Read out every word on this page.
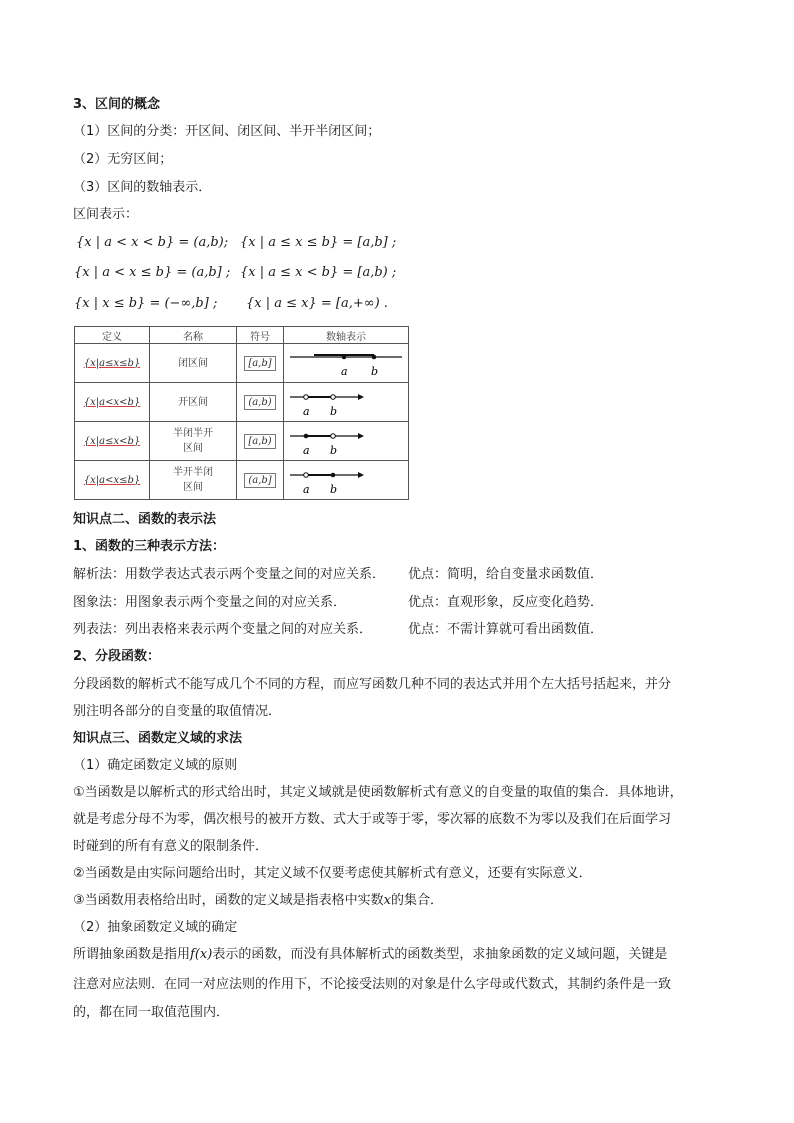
3、区间的概念
（1）区间的分类：开区间、闭区间、半开半闭区间；
（2）无穷区间；
（3）区间的数轴表示．
区间表示：
{x | a < x < b} = (a,b); {x | a ≤ x ≤ b} = [a,b] ;
{x | a < x ≤ b} = (a,b] ; {x | a ≤ x < b} = [a,b) ;
{x | x ≤ b} = (−∞,b] ; {x | a ≤ x} = [a,+∞) .
定义	名称	符号	数轴表示
{x|a≤x≤b}	闭区间	[a,b]	a b

{x|a<x<b}	开区间	(a,b)	a b

{x|a≤x<b}	半闭半开区间	[a,b)	a b

{x|a<x≤b}	半开半闭区间	(a,b]	a b
知识点二、函数的表示法
1、函数的三种表示方法：
解析法：用数学表达式表示两个变量之间的对应关系． 优点：简明，给自变量求函数值．
图象法：用图象表示两个变量之间的对应关系．	优点：直观形象，反应变化趋势．
列表法：列出表格来表示两个变量之间的对应关系．	优点：不需计算就可看出函数值．
2、分段函数：
分段函数的解析式不能写成几个不同的方程，而应写函数几种不同的表达式并用个左大括号括起来，并分
别注明各部分的自变量的取值情况．
知识点三、函数定义域的求法
（1）确定函数定义域的原则
①当函数是以解析式的形式给出时，其定义域就是使函数解析式有意义的自变量的取值的集合．具体地讲，
就是考虑分母不为零，偶次根号的被开方数、式大于或等于零，零次幂的底数不为零以及我们在后面学习
时碰到的所有有意义的限制条件．
②当函数是由实际问题给出时，其定义域不仅要考虑使其解析式有意义，还要有实际意义．
③当函数用表格给出时，函数的定义域是指表格中实数x的集合．
（2）抽象函数定义域的确定
所谓抽象函数是指用f(x)表示的函数，而没有具体解析式的函数类型，求抽象函数的定义域问题，关键是
注意对应法则．在同一对应法则的作用下，不论接受法则的对象是什么字母或代数式，其制约条件是一致
的，都在同一取值范围内．
